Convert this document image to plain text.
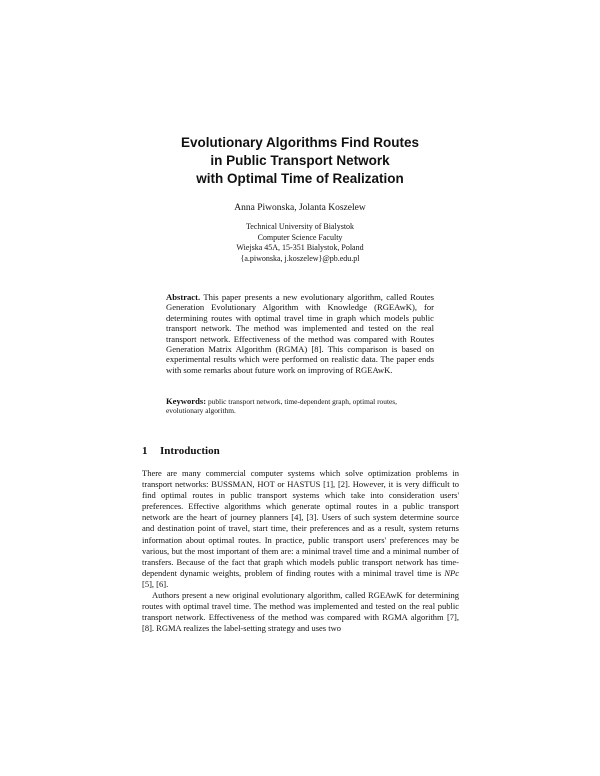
Evolutionary Algorithms Find Routes
in Public Transport Network
with Optimal Time of Realization
Anna Piwonska, Jolanta Koszelew
Technical University of Bialystok
Computer Science Faculty
Wiejska 45A, 15-351 Bialystok, Poland
{a.piwonska, j.koszelew}@pb.edu.pl
Abstract. This paper presents a new evolutionary algorithm, called Routes Generation Evolutionary Algorithm with Knowledge (RGEAwK), for determining routes with optimal travel time in graph which models public transport network. The method was implemented and tested on the real transport network. Effectiveness of the method was compared with Routes Generation Matrix Algorithm (RGMA) [8]. This comparison is based on experimental results which were performed on realistic data. The paper ends with some remarks about future work on improving of RGEAwK.
Keywords: public transport network, time-dependent graph, optimal routes, evolutionary algorithm.
1 Introduction

There are many commercial computer systems which solve optimization problems in transport networks: BUSSMAN, HOT or HASTUS [1], [2]. However, it is very difficult to find optimal routes in public transport systems which take into consideration users' preferences. Effective algorithms which generate optimal routes in a public transport network are the heart of journey planners [4], [3]. Users of such system determine source and destination point of travel, start time, their preferences and as a result, system returns information about optimal routes. In practice, public transport users' preferences may be various, but the most important of them are: a minimal travel time and a minimal number of transfers. Because of the fact that graph which models public transport network has time-dependent dynamic weights, problem of finding routes with a minimal travel time is NPc [5], [6].

Authors present a new original evolutionary algorithm, called RGEAwK for determining routes with optimal travel time. The method was implemented and tested on the real public transport network. Effectiveness of the method was compared with RGMA algorithm [7], [8]. RGMA realizes the label-setting strategy and uses two
